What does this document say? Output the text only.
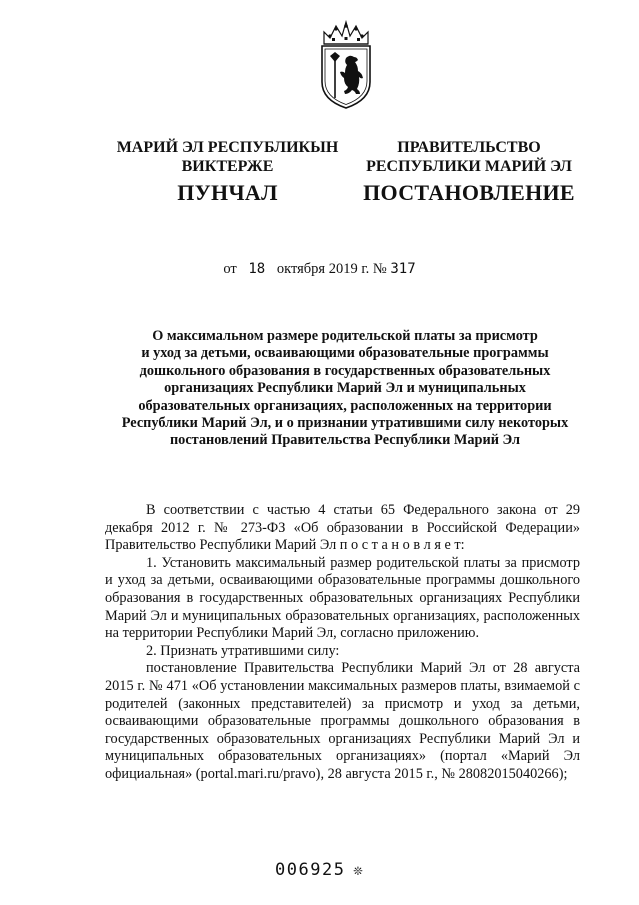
МАРИЙ ЭЛ РЕСПУБЛИКЫН
ВИКТЕРЖЕ
ПУНЧАЛ
ПРАВИТЕЛЬСТВО
РЕСПУБЛИКИ МАРИЙ ЭЛ
ПОСТАНОВЛЕНИЕ
от 18 октября 2019 г. № 317
О максимальном размере родительской платы за присмотр
и уход за детьми, осваивающими образовательные программы
дошкольного образования в государственных образовательных
организациях Республики Марий Эл и муниципальных
образовательных организациях, расположенных на территории
Республики Марий Эл, и о признании утратившими силу некоторых
постановлений Правительства Республики Марий Эл

В соответствии с частью 4 статьи 65 Федерального закона от 29 декабря 2012 г. № 273-ФЗ «Об образовании в Российской Федерации» Правительство Республики Марий Эл п о с т а н о в л я е т:

1. Установить максимальный размер родительской платы за присмотр и уход за детьми, осваивающими образовательные программы дошкольного образования в государственных образовательных организациях Республики Марий Эл и муниципальных образовательных организациях, расположенных на территории Республики Марий Эл, согласно приложению.

2. Признать утратившими силу:

постановление Правительства Республики Марий Эл от 28 августа 2015 г. № 471 «Об установлении максимальных размеров платы, взимаемой с родителей (законных представителей) за присмотр и уход за детьми, осваивающими образовательные программы дошкольного образования в государственных образовательных организациях Республики Марий Эл и муниципальных образовательных организациях» (портал «Марий Эл официальная» (portal.mari.ru/pravo), 28 августа 2015 г., № 28082015040266);

006925 ❊
